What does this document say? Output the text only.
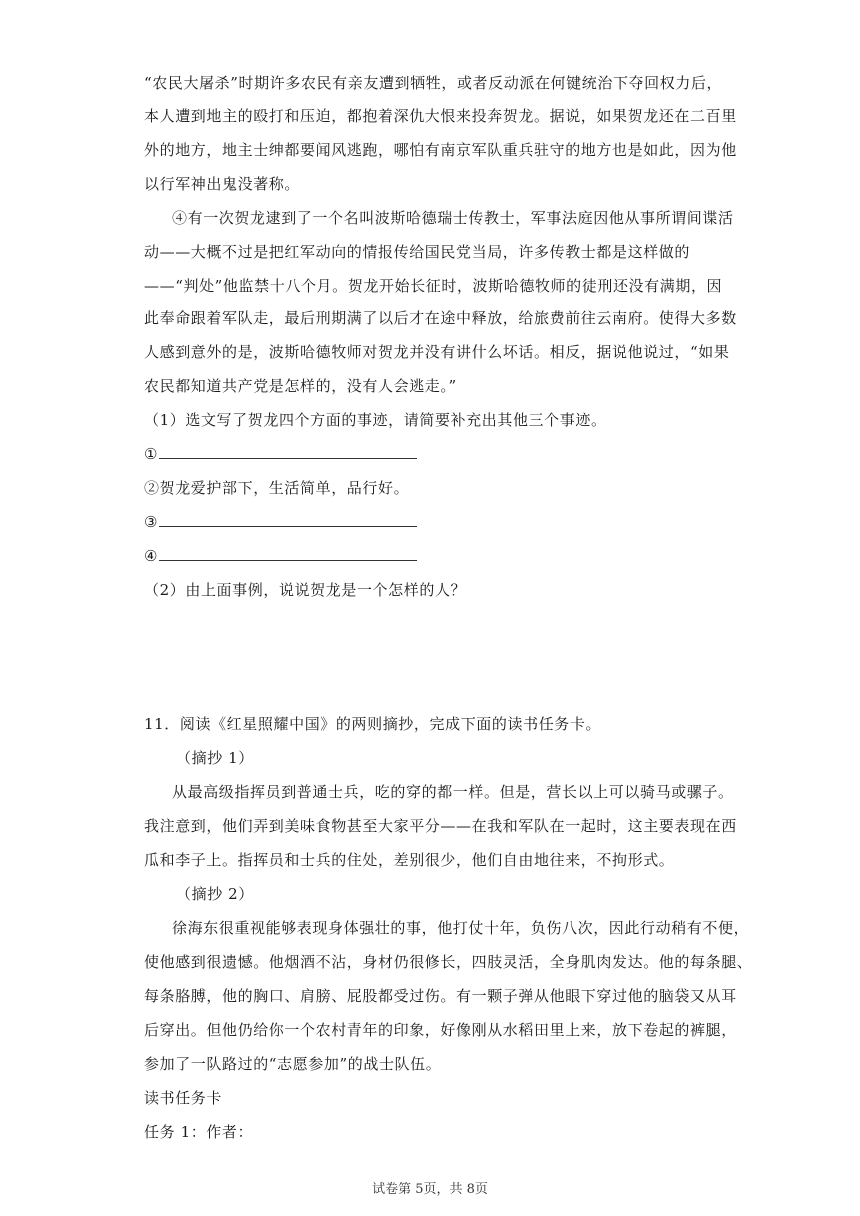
“农民大屠杀”时期许多农民有亲友遭到牺牲，或者反动派在何键统治下夺回权力后，
本人遭到地主的殴打和压迫，都抱着深仇大恨来投奔贺龙。据说，如果贺龙还在二百里
外的地方，地主士绅都要闻风逃跑，哪怕有南京军队重兵驻守的地方也是如此，因为他
以行军神出鬼没著称。
④有一次贺龙逮到了一个名叫波斯哈德瑞士传教士，军事法庭因他从事所谓间谍活
动——大概不过是把红军动向的情报传给国民党当局，许多传教士都是这样做的
——“判处”他监禁十八个月。贺龙开始长征时，波斯哈德牧师的徒刑还没有满期，因
此奉命跟着军队走，最后刑期满了以后才在途中释放，给旅费前往云南府。使得大多数
人感到意外的是，波斯哈德牧师对贺龙并没有讲什么坏话。相反，据说他说过，“如果
农民都知道共产党是怎样的，没有人会逃走。”
（1）选文写了贺龙四个方面的事迹，请简要补充出其他三个事迹。
①
②贺龙爱护部下，生活简单，品行好。
③
④
（2）由上面事例，说说贺龙是一个怎样的人？
11．阅读《红星照耀中国》的两则摘抄，完成下面的读书任务卡。
（摘抄 1）
从最高级指挥员到普通士兵，吃的穿的都一样。但是，营长以上可以骑马或骡子。
我注意到，他们弄到美味食物甚至大家平分——在我和军队在一起时，这主要表现在西
瓜和李子上。指挥员和士兵的住处，差别很少，他们自由地往来，不拘形式。
（摘抄 2）
徐海东很重视能够表现身体强壮的事，他打仗十年，负伤八次，因此行动稍有不便，
使他感到很遗憾。他烟酒不沾，身材仍很修长，四肢灵活，全身肌肉发达。他的每条腿、
每条胳膊，他的胸口、肩膀、屁股都受过伤。有一颗子弹从他眼下穿过他的脑袋又从耳
后穿出。但他仍给你一个农村青年的印象，好像刚从水稻田里上来，放下卷起的裤腿，
参加了一队路过的“志愿参加”的战士队伍。
读书任务卡
任务 1：作者：
试卷第 5页，共 8页
